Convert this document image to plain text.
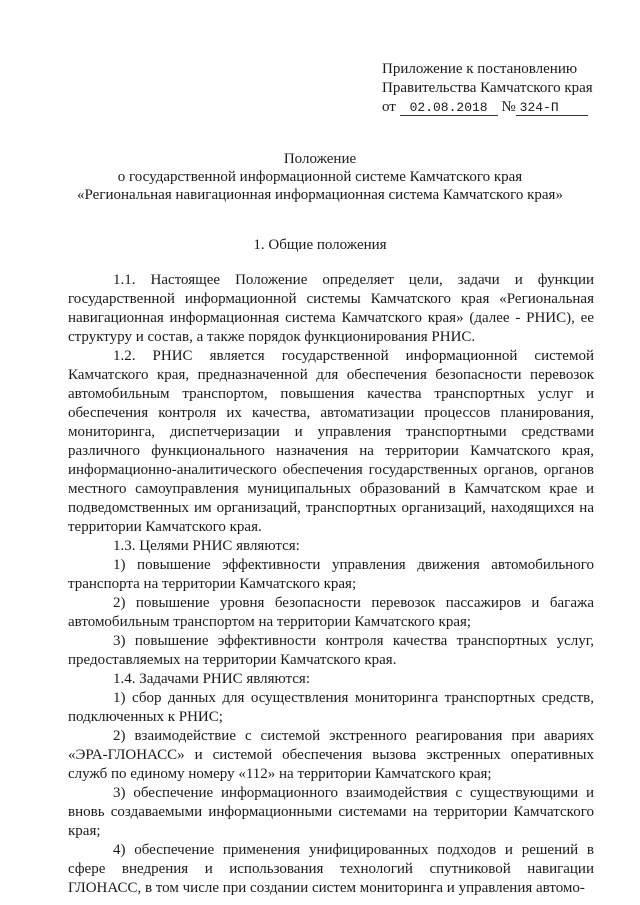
Приложение к постановлению
Правительства Камчатского края
от 02.08.2018 № 324-П
Положение
о государственной информационной системе Камчатского края
«Региональная навигационная информационная система Камчатского края»
1. Общие положения

1.1. Настоящее Положение определяет цели, задачи и функции государственной информационной системы Камчатского края «Региональная навигационная информационная система Камчатского края» (далее - РНИС), ее структуру и состав, а также порядок функционирования РНИС.

1.2. РНИС является государственной информационной системой Камчатского края, предназначенной для обеспечения безопасности перевозок автомобильным транспортом, повышения качества транспортных услуг и обеспечения контроля их качества, автоматизации процессов планирования, мониторинга, диспетчеризации и управления транспортными средствами различного функционального назначения на территории Камчатского края, информационно-аналитического обеспечения государственных органов, органов местного самоуправления муниципальных образований в Камчатском крае и подведомственных им организаций, транспортных организаций, находящихся на территории Камчатского края.

1.3. Целями РНИС являются:

1) повышение эффективности управления движения автомобильного транспорта на территории Камчатского края;

2) повышение уровня безопасности перевозок пассажиров и багажа автомобильным транспортом на территории Камчатского края;

3) повышение эффективности контроля качества транспортных услуг, предоставляемых на территории Камчатского края.

1.4. Задачами РНИС являются:

1) сбор данных для осуществления мониторинга транспортных средств, подключенных к РНИС;

2) взаимодействие с системой экстренного реагирования при авариях «ЭРА-ГЛОНАСС» и системой обеспечения вызова экстренных оперативных служб по единому номеру «112» на территории Камчатского края;

3) обеспечение информационного взаимодействия с существующими и вновь создаваемыми информационными системами на территории Камчатского края;

4) обеспечение применения унифицированных подходов и решений в сфере внедрения и использования технологий спутниковой навигации ГЛОНАСС, в том числе при создании систем мониторинга и управления автомо-
